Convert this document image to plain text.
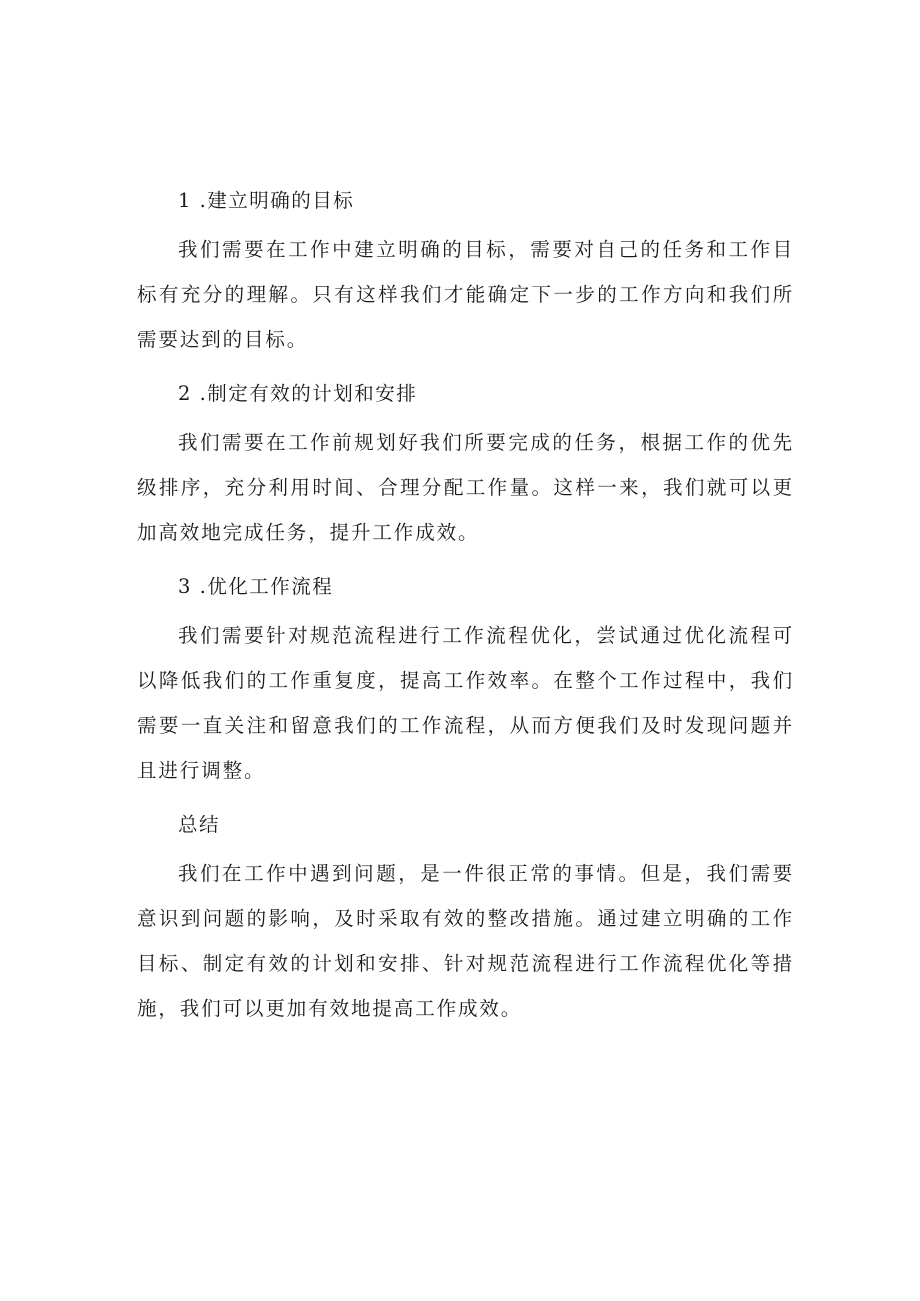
1 .建立明确的目标

我们需要在工作中建立明确的目标，需要对自己的任务和工作目标有充分的理解。只有这样我们才能确定下一步的工作方向和我们所需要达到的目标。

2 .制定有效的计划和安排

我们需要在工作前规划好我们所要完成的任务，根据工作的优先级排序，充分利用时间、合理分配工作量。这样一来，我们就可以更加高效地完成任务，提升工作成效。

3 .优化工作流程

我们需要针对规范流程进行工作流程优化，尝试通过优化流程可以降低我们的工作重复度，提高工作效率。在整个工作过程中，我们需要一直关注和留意我们的工作流程，从而方便我们及时发现问题并且进行调整。

总结

我们在工作中遇到问题，是一件很正常的事情。但是，我们需要意识到问题的影响，及时采取有效的整改措施。通过建立明确的工作目标、制定有效的计划和安排、针对规范流程进行工作流程优化等措施，我们可以更加有效地提高工作成效。
